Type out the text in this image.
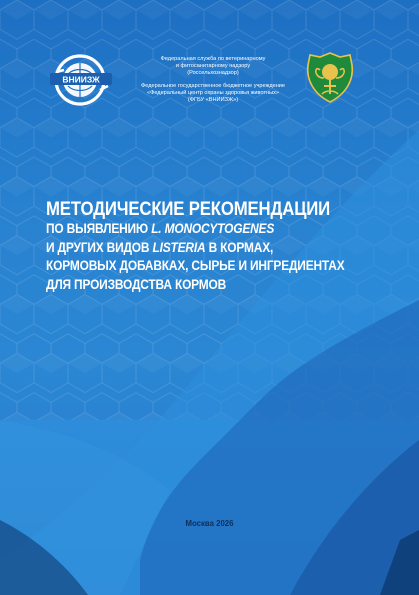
ВНИИЗЖ

Федеральная служба по ветеринарному

и фитосанитарному надзору

(Россельхознадзор)

Федеральное государственное бюджетное учреждение

«Федеральный центр охраны здоровья животных»

(ФГБУ «ВНИИЗЖ»)

МЕТОДИЧЕСКИЕ РЕКОМЕНДАЦИИ
ПО ВЫЯВЛЕНИЮ L. MONOCYTOGENES
И ДРУГИХ ВИДОВ LISTERIA В КОРМАХ,
КОРМОВЫХ ДОБАВКАХ, СЫРЬЕ И ИНГРЕДИЕНТАХ
ДЛЯ ПРОИЗВОДСТВА КОРМОВ
Москва 2026
